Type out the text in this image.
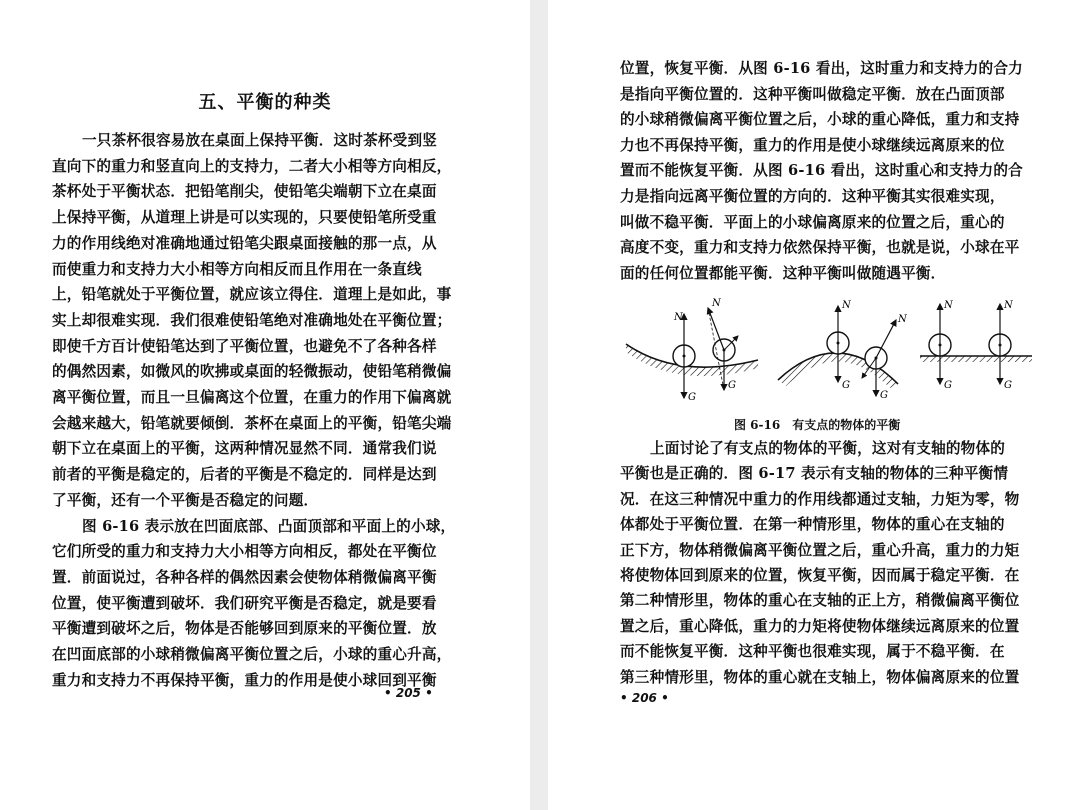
五、平衡的种类
一只茶杯很容易放在桌面上保持平衡．这时茶杯受到竖
直向下的重力和竖直向上的支持力，二者大小相等方向相反，
茶杯处于平衡状态．把铅笔削尖，使铅笔尖端朝下立在桌面
上保持平衡，从道理上讲是可以实现的，只要使铅笔所受重
力的作用线绝对准确地通过铅笔尖跟桌面接触的那一点，从
而使重力和支持力大小相等方向相反而且作用在一条直线
上，铅笔就处于平衡位置，就应该立得住．道理上是如此，事
实上却很难实现．我们很难使铅笔绝对准确地处在平衡位置；
即使千方百计使铅笔达到了平衡位置，也避免不了各种各样
的偶然因素，如微风的吹拂或桌面的轻微振动，使铅笔稍微偏
离平衡位置，而且一旦偏离这个位置，在重力的作用下偏离就
会越来越大，铅笔就要倾倒．茶杯在桌面上的平衡，铅笔尖端
朝下立在桌面上的平衡，这两种情况显然不同．通常我们说
前者的平衡是稳定的，后者的平衡是不稳定的．同样是达到
了平衡，还有一个平衡是否稳定的问题．
图 6-16 表示放在凹面底部、凸面顶部和平面上的小球，
它们所受的重力和支持力大小相等方向相反，都处在平衡位
置．前面说过，各种各样的偶然因素会使物体稍微偏离平衡
位置，使平衡遭到破坏．我们研究平衡是否稳定，就是要看
平衡遭到破坏之后，物体是否能够回到原来的平衡位置．放
在凹面底部的小球稍微偏离平衡位置之后，小球的重心升高，
重力和支持力不再保持平衡，重力的作用是使小球回到平衡
• 205 •
位置，恢复平衡．从图 6-16 看出，这时重力和支持力的合力
是指向平衡位置的．这种平衡叫做稳定平衡．放在凸面顶部
的小球稍微偏离平衡位置之后，小球的重心降低，重力和支持
力也不再保持平衡，重力的作用是使小球继续远离原来的位
置而不能恢复平衡．从图 6-16 看出，这时重心和支持力的合
力是指向远离平衡位置的方向的．这种平衡其实很难实现，
叫做不稳平衡．平面上的小球偏离原来的位置之后，重心的
高度不变，重力和支持力依然保持平衡，也就是说，小球在平
面的任何位置都能平衡．这种平衡叫做随遇平衡．
N
G
N
G
N
G
N
G
N
G
N
G
图 6-16　有支点的物体的平衡
上面讨论了有支点的物体的平衡，这对有支轴的物体的
平衡也是正确的．图 6-17 表示有支轴的物体的三种平衡情
况．在这三种情况中重力的作用线都通过支轴，力矩为零，物
体都处于平衡位置．在第一种情形里，物体的重心在支轴的
正下方，物体稍微偏离平衡位置之后，重心升高，重力的力矩
将使物体回到原来的位置，恢复平衡，因而属于稳定平衡．在
第二种情形里，物体的重心在支轴的正上方，稍微偏离平衡位
置之后，重心降低，重力的力矩将使物体继续远离原来的位置
而不能恢复平衡．这种平衡也很难实现，属于不稳平衡．在
第三种情形里，物体的重心就在支轴上，物体偏离原来的位置
• 206 •
